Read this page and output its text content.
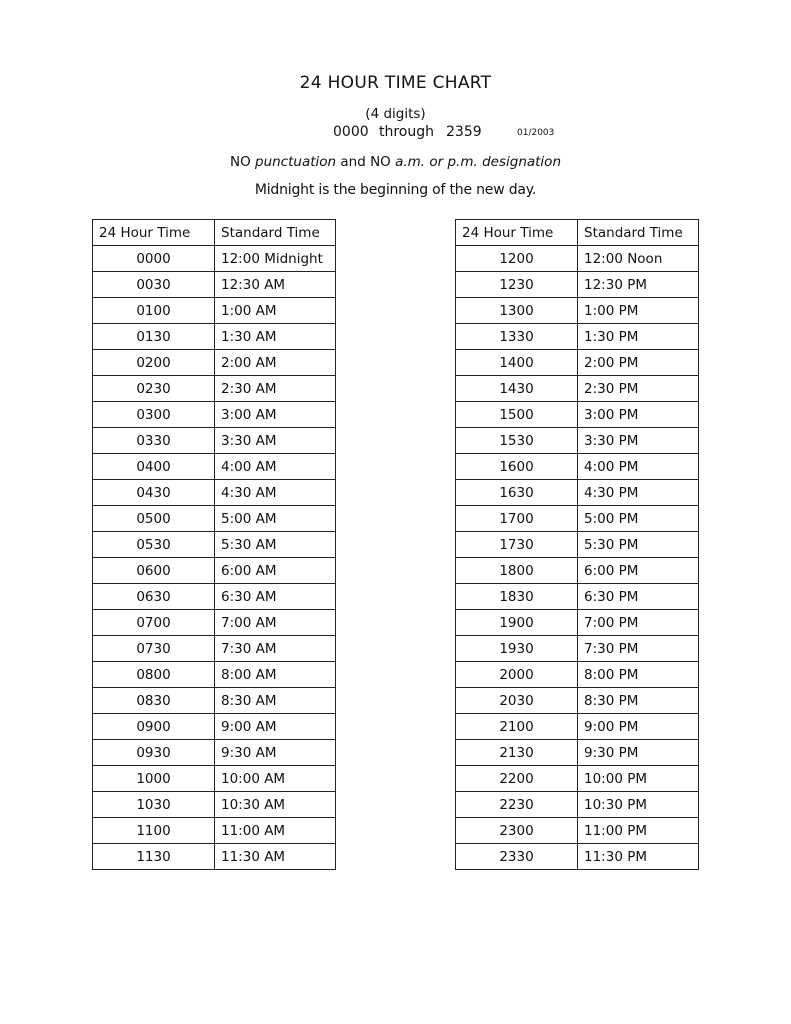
24 HOUR TIME CHART
(4 digits)
0000 through 2359	01/2003
NO punctuation and NO a.m. or p.m. designation
Midnight is the beginning of the new day.
24 Hour Time	Standard Time
0000	12:00 Midnight
0030	12:30 AM
0100	1:00 AM
0130	1:30 AM
0200	2:00 AM
0230	2:30 AM
0300	3:00 AM
0330	3:30 AM
0400	4:00 AM
0430	4:30 AM
0500	5:00 AM
0530	5:30 AM
0600	6:00 AM
0630	6:30 AM
0700	7:00 AM
0730	7:30 AM
0800	8:00 AM
0830	8:30 AM
0900	9:00 AM
0930	9:30 AM
1000	10:00 AM
1030	10:30 AM
1100	11:00 AM
1130	11:30 AM
24 Hour Time	Standard Time
1200	12:00 Noon
1230	12:30 PM
1300	1:00 PM
1330	1:30 PM
1400	2:00 PM
1430	2:30 PM
1500	3:00 PM
1530	3:30 PM
1600	4:00 PM
1630	4:30 PM
1700	5:00 PM
1730	5:30 PM
1800	6:00 PM
1830	6:30 PM
1900	7:00 PM
1930	7:30 PM
2000	8:00 PM
2030	8:30 PM
2100	9:00 PM
2130	9:30 PM
2200	10:00 PM
2230	10:30 PM
2300	11:00 PM
2330	11:30 PM
